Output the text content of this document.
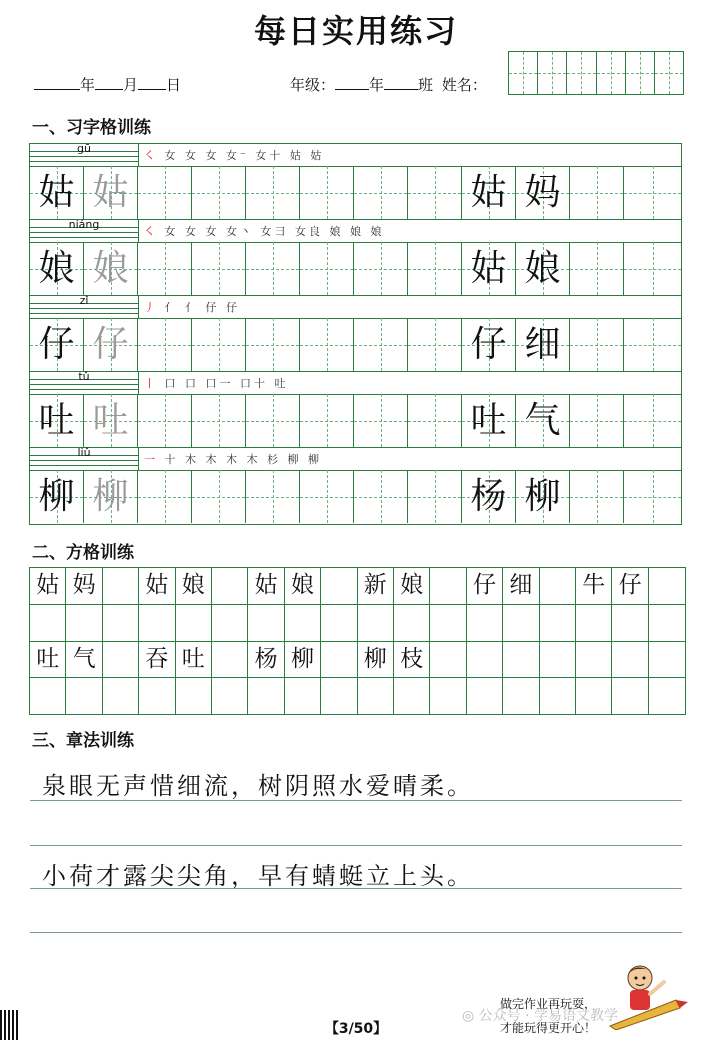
每日实用练习
年 月 日	年级： 年 班 姓名：
一、习字格训练
gū
㇛ 女 女 女 女⁻ 女十 姑 姑
姑 姑	姑 妈
niáng
㇛ 女 女 女 女丶 女彐 女良 娘 娘 娘
娘 娘	姑 娘
zǐ
丿 亻 亻 仔 仔
仔 仔	仔 细
tǔ
丨 口 口 口一 口十 吐
吐 吐	吐 气
liǔ
一 十 木 木 木 木 杉 柳 柳
柳 柳	杨 柳
二、方格训练
姑 妈	姑 娘	姑 娘	新 娘	仔 细	牛 仔
吐 气	吞 吐	杨 柳	柳 枝
三、章法训练
泉眼无声惜细流，树阴照水爱晴柔。
小荷才露尖尖角，早有蜻蜓立上头。
◎ 公众号 · 学易语文教学
做完作业再玩耍，
才能玩得更开心！
【3/50】
